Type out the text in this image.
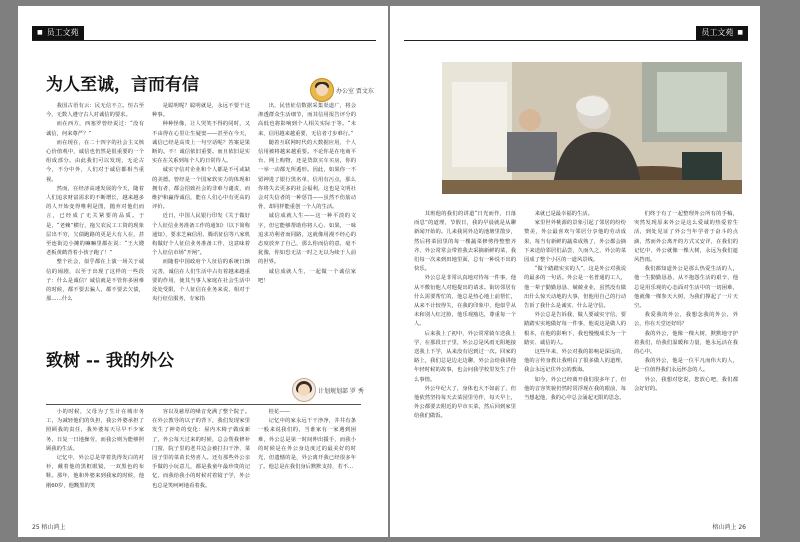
■ 员工文苑
为人至诚，言而有信	办公室 贾文东

我国古语有云：民无信不立。恒古至今，无数人遵守古人对诚信的要求。

而在西方，西塞罗曾经说过：“没有诚信，何来尊严？”

而在现在，在二十四字的社会主义核心价值观中，诚信也仍然是很重要的一个组成部分。由此我们可以发现，无论古今，不分中外，人们对于诚信都相当重视。

然而，在经济高速发展的今天，随着人们追求财富需求的不断增长，越来越多的人开始变得唯利是图，抛弃对他们而言，已经成了无关紧要的品质。于是，“老赖”横行，拖欠农民工工资的现象层出不穷，欠债跑路的更是大有人在，甚至连街边小摊的嘛嘛里都在说：“王大嫂老板黄鹤背着小孩子跑了！”

整个社会，似乎都在上演一场关于诚信的闹剧，以至于出现了这样的一些段子：什么是诚信？诚信就是不管你多困难的时候，都不要去骗人，都不要去欠债，那……什么

是聪明呢？聪明就是，永远不要干这种事。

种种怪像，让人哭笑不得的同时，又不由得在心里让生疑窦——甚至在今天，诚信已经是高贵上一句空话呢？答案是果断的。不！诚信依旧重要。而且依旧是实实在在关系到每个人的日常待人。

诚实守信对企业和个人都是不可或缺的美德。曾经是一个国家软实力的体现和拥有者，都会招致社会的非难与谴责，而维护和赢得诚信，能在人们心中有更高的评价。

近日，中国人民银行印发《关于做好个人征信业务准备工作的通知》（以下简称通知），要求芝麻信用、腾讯征信等八家机构做好个人征信业务准备工作，这意味着个人征信市场“开闸”。

而随着中国政府个人征信的系统日渐完善，诚信在人们生活中占有着越来越重要的作用，使其当事人家庭在社会生活中处处受限，个人征信在业务来说，相对于央行征信服务，专家指

出，民营征信数据采集渠道广，将会渗透群众生活细节，而其信用报告评分的高低也将影响到个人相关实际于等。“未来，信用越来越重要，无信者寸步难行。”

随着互联网时代的大数据应用，个人信用被将越来越重要。不论你是在电商平台、网上购物，还是贷款买车买房，你的一举一动都无所遁形。因此，如果你一不留神进了银行黑名单，信用有污点，那么你将失去更多的社会福利，这也是文明社会对失信者的一种惩罚——虽然不伤筋动骨，却同样能重创一个人的生活。

诚信成就人生——这一种平淡的文字，但它能够帮助你将人心、如果，一味追求功利者而同路，这就像用漫不经心的态度放弃了自己，那么你而信的意，毫不犹豫，你如恐无法一时之无以为续于人前的世界。

诚信成就人生，一起做一个诚信家吧！

致树 -- 我的外公
计划规划部 罗 秀

小的时候，父母为了生计在城市务工，为减轻他们的负担，我公外婆承担了照顾我的责任，我外婆每天尽早不少家务，日复一日地操劳，而我公则为能够照顾我的生活。

记忆中，外公总是穿着洗得发白的衬衫，戴着他的黑框眼镜，一双黑色的布鞋。那年，他和外婆来到我家的时候，他刚60岁，他黝黑的笑

容以及慈厚的嗓音充满了整个院子。在外公教导的以子的背下，我们发现家里发生了神奇的变化：屋内木椅子做成新了，外公每天过来的时候，总会帮我修补门窗，院子里的老井边会被打扫干净，菜园子里的菜苗长势喜人。还有那些外公亲手做的小玩意儿，都是我童年最珍贵的记忆，而我给我小的时候对着镜子学，外公也总是笑呵呵地看着我。

桂花——

记忆中的家永远干干净净，井井有条一般来说我们的，当谁家有一家遇到困难，外公总是第一时间伸出援手，而我小的时候是在外公身边度过的最美好的时光，但遗憾的是，外公离开我已经很多年了。他总是在我们身后默默支持，若不...

25 榕山鸿上
员工文苑 ■

其班他的我们的讲道“日光而作，日落而息”的道理，节假日，我的早晨就是从聊新闻开始的。儿来我同外边的池塘里散步，然后将菜园里的每一棵蔬菜修剪得整整齐齐，外公常常会带着我去采摘新鲜的菜，我们每一次来到田地里面，总有一种说不出的快乐。

外公总是非常认真地对待每一件事，他从不敷衍他人对他提出的请求。街坊邻居有什么需要帮忙的，他总是热心地上前帮忙，从来不计较得失，在我的印象中，他似乎从未和别人红过脸，他乐观豁达，尊重每一个人。

后来我上了初中，外公常常骑车送我上学，在那段日子里，外公总是风雨无阻地接送我上下学，从来没有迟到过一次。回家的路上，我们总是边走边聊，外公会给我讲他年轻时候的故事，也会问我学校里发生了什么事情。

外公年纪大了，身体也大不如前了，但他依然坚持每天去菜园里劳作，每天早上，外公都要去附近的早市买菜，然后回到家里给我们做饭。

来就已是最幸福的生活。

家里世外桃源的景象引起了邻居的纷纷赞美，外公最喜欢与邻居分享他的劳动成果，每当有新鲜的蔬菜成熟了，外公都会摘下来送给邻居们品尝，久而久之，外公的菜园成了整个小区的一道风景线。

“做个踏踏实实的人”，这是外公对我说的最多的一句话。外公是一名普通的工人，他一辈子勤勤恳恳、兢兢业业，虽然没有做出什么惊天动地的大事，但他用自己的行动告诉了我什么是诚实、什么是守信。

外公总是告诉我，做人要诚实守信，要踏踏实实地做好每一件事，他说这是做人的根本，在他的影响下，我也慢慢成长为一个踏实、诚信的人。

这些年来，外公对我的影响是深远的，他的言传身教让我明白了很多做人的道理，我会永远记住外公的教诲。

如今，外公已经离开我们很多年了，但他的音容笑貌仍然时常浮现在我的眼前，每当想起他，我的心中总会涌起无限的思念。

们终于有了一起整理外公所有的手稿，突然发现原来外公是这么爱诚的热爱着生活，到处见证了外公当年学者于奋斗的点滴，然而外公离开的方式又安详，在我们的记忆中，外公就像一棵大树，永远为我们遮风挡雨。

我们都知道外公是那么热爱生活的人，他一生勤勤恳恳，从不抱怨生活的艰辛，他总是用乐观的心态面对生活中的一切困难，他就像一棵参天大树，为我们撑起了一片天空。

我爱我的外公，我想念我的外公，外公，你在天堂还好吗？

我的外公，他像一棵大树，默默地守护着我们，给我们温暖和力量，他永远活在我的心中。

我的外公，他是一位平凡而伟大的人，是一位值得我们永远怀念的人。

外公，我想对您说，您放心吧，我们都会好好的。

榕山鸿上 26
